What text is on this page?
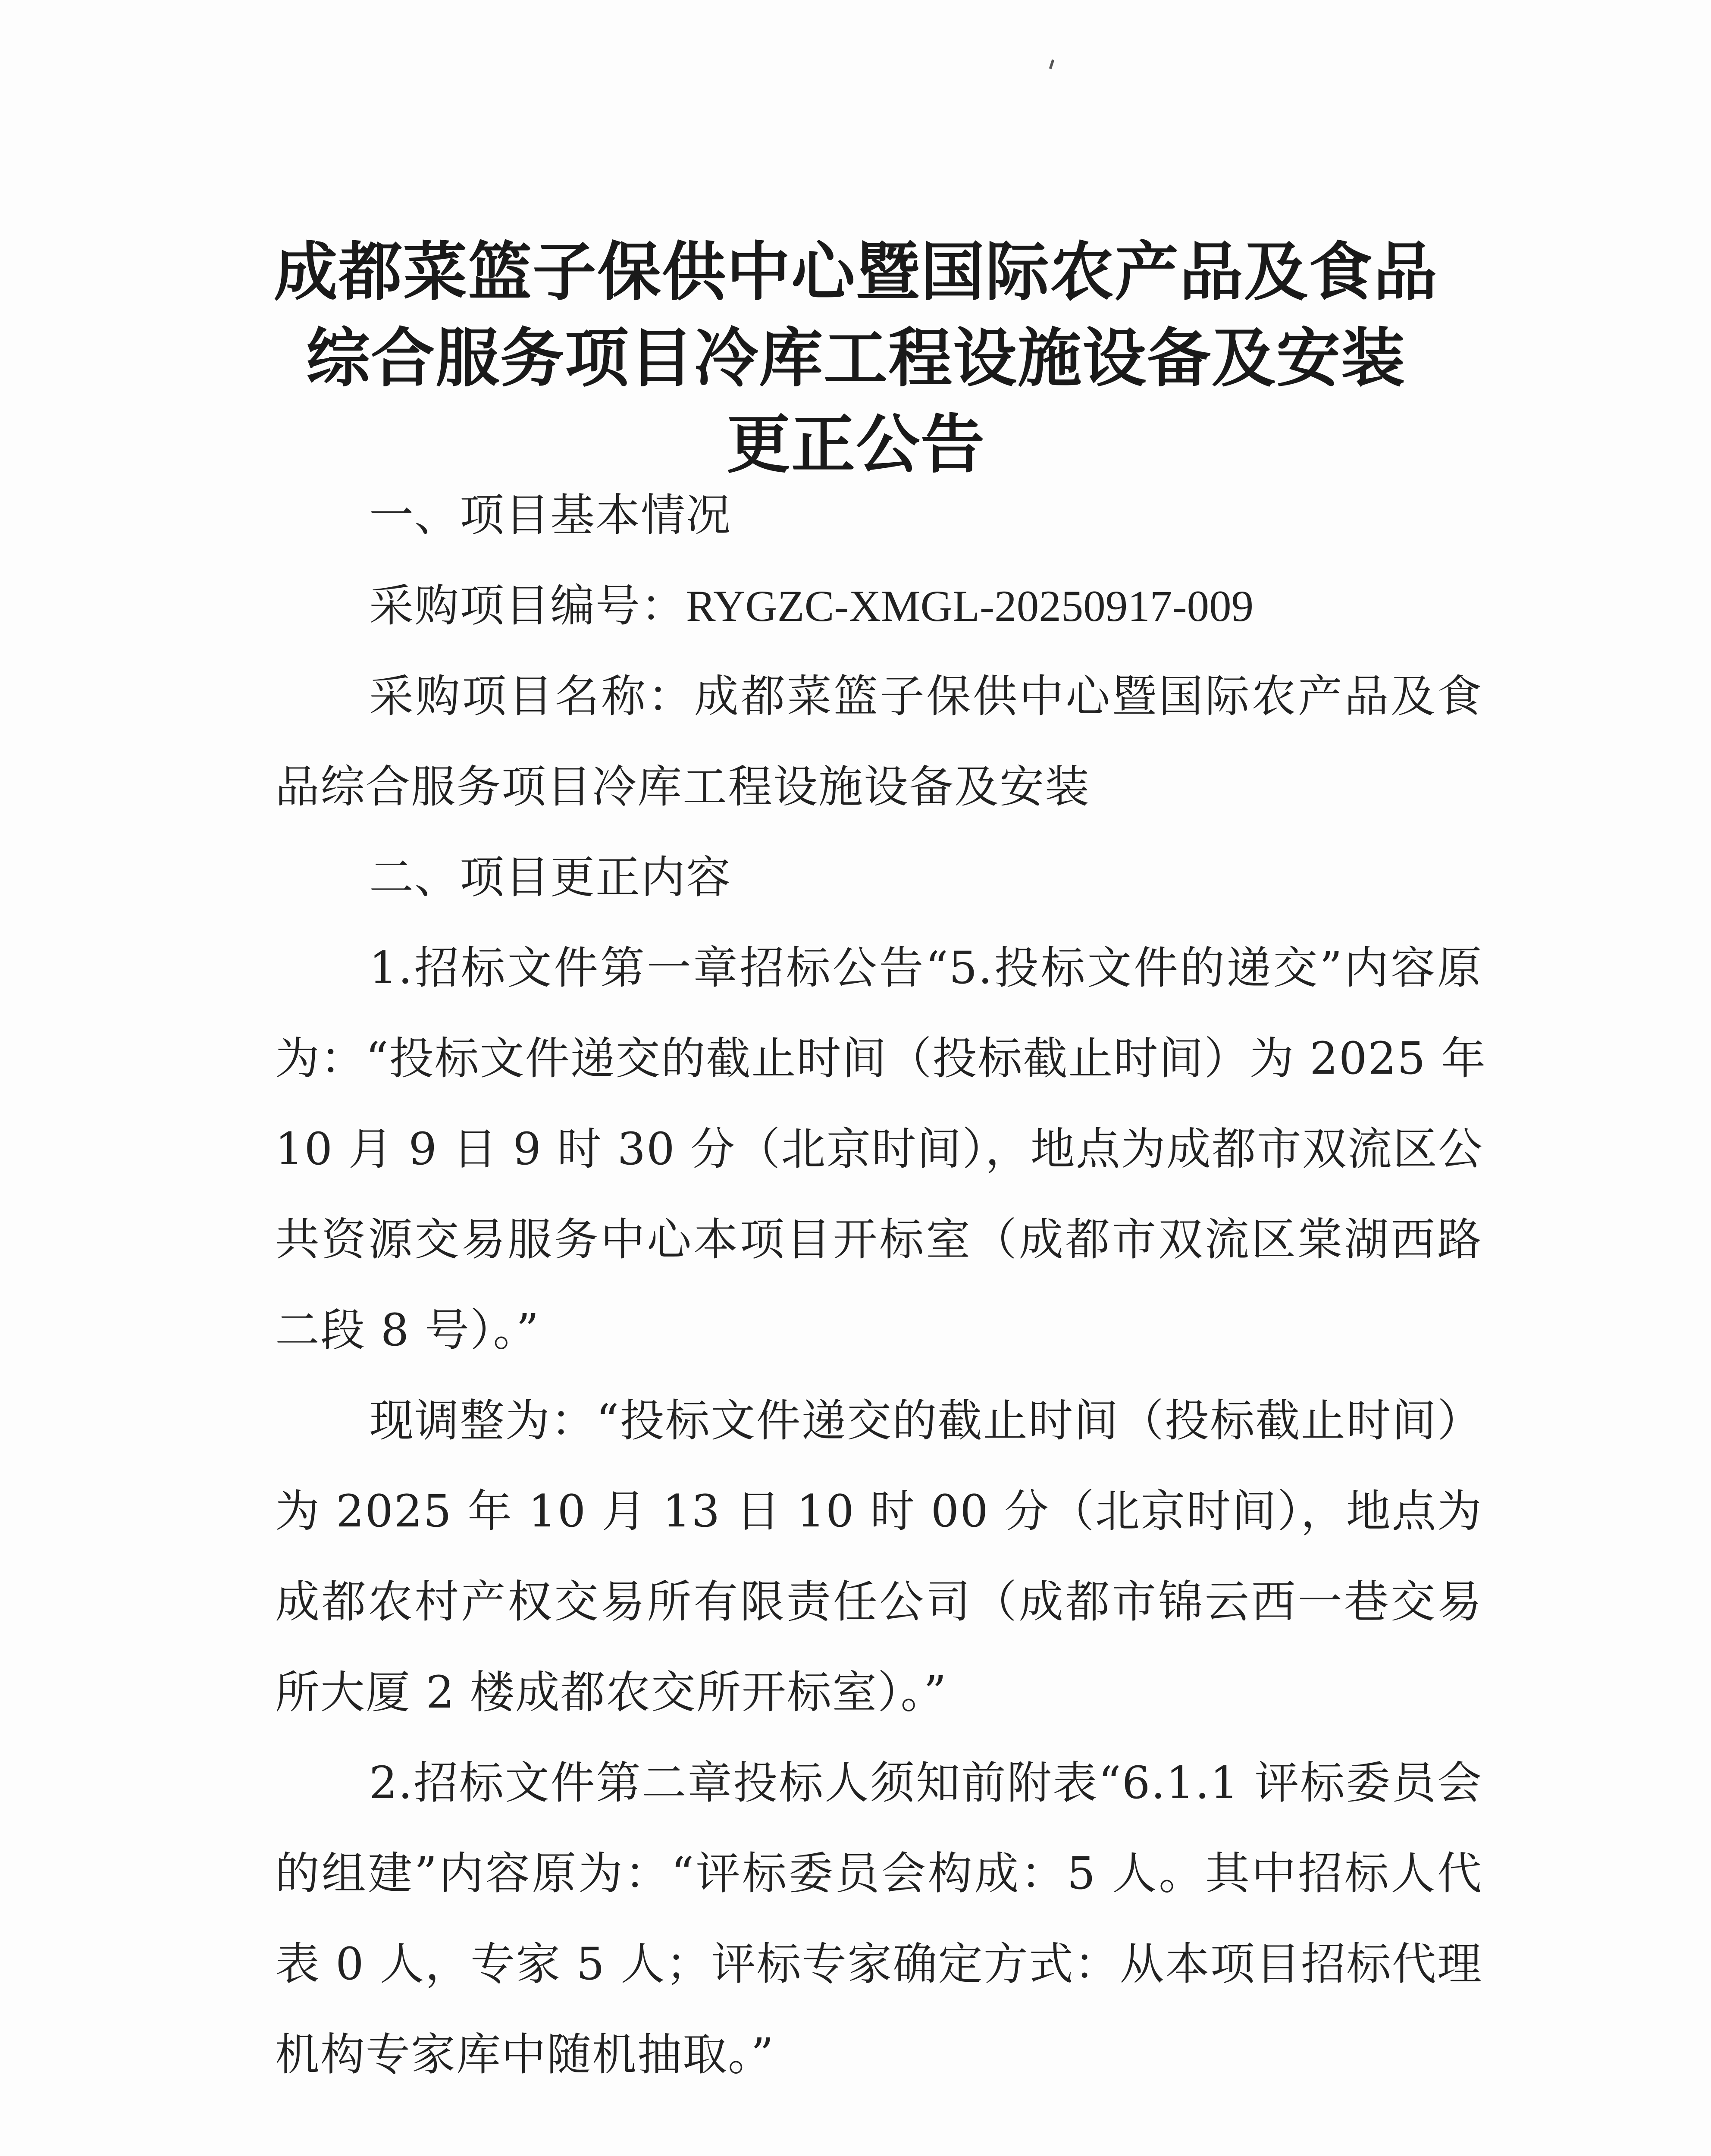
成都菜篮子保供中心暨国际农产品及食品
综合服务项目冷库工程设施设备及安装
更正公告
一、项目基本情况
采购项目编号：RYGZC-XMGL-20250917-009
采购项目名称：成都菜篮子保供中心暨国际农产品及食
品综合服务项目冷库工程设施设备及安装
二、项目更正内容
1.招标文件第一章招标公告“5.投标文件的递交”内容原
为：“投标文件递交的截止时间（投标截止时间）为 2025 年
10 月 9 日 9 时 30 分（北京时间），地点为成都市双流区公
共资源交易服务中心本项目开标室（成都市双流区棠湖西路
二段 8 号）。”
现调整为：“投标文件递交的截止时间（投标截止时间）
为 2025 年 10 月 13 日 10 时 00 分（北京时间），地点为
成都农村产权交易所有限责任公司（成都市锦云西一巷交易
所大厦 2 楼成都农交所开标室）。”
2.招标文件第二章投标人须知前附表“6.1.1 评标委员会
的组建”内容原为：“评标委员会构成：5 人。其中招标人代
表 0 人，专家 5 人；评标专家确定方式：从本项目招标代理
机构专家库中随机抽取。”
